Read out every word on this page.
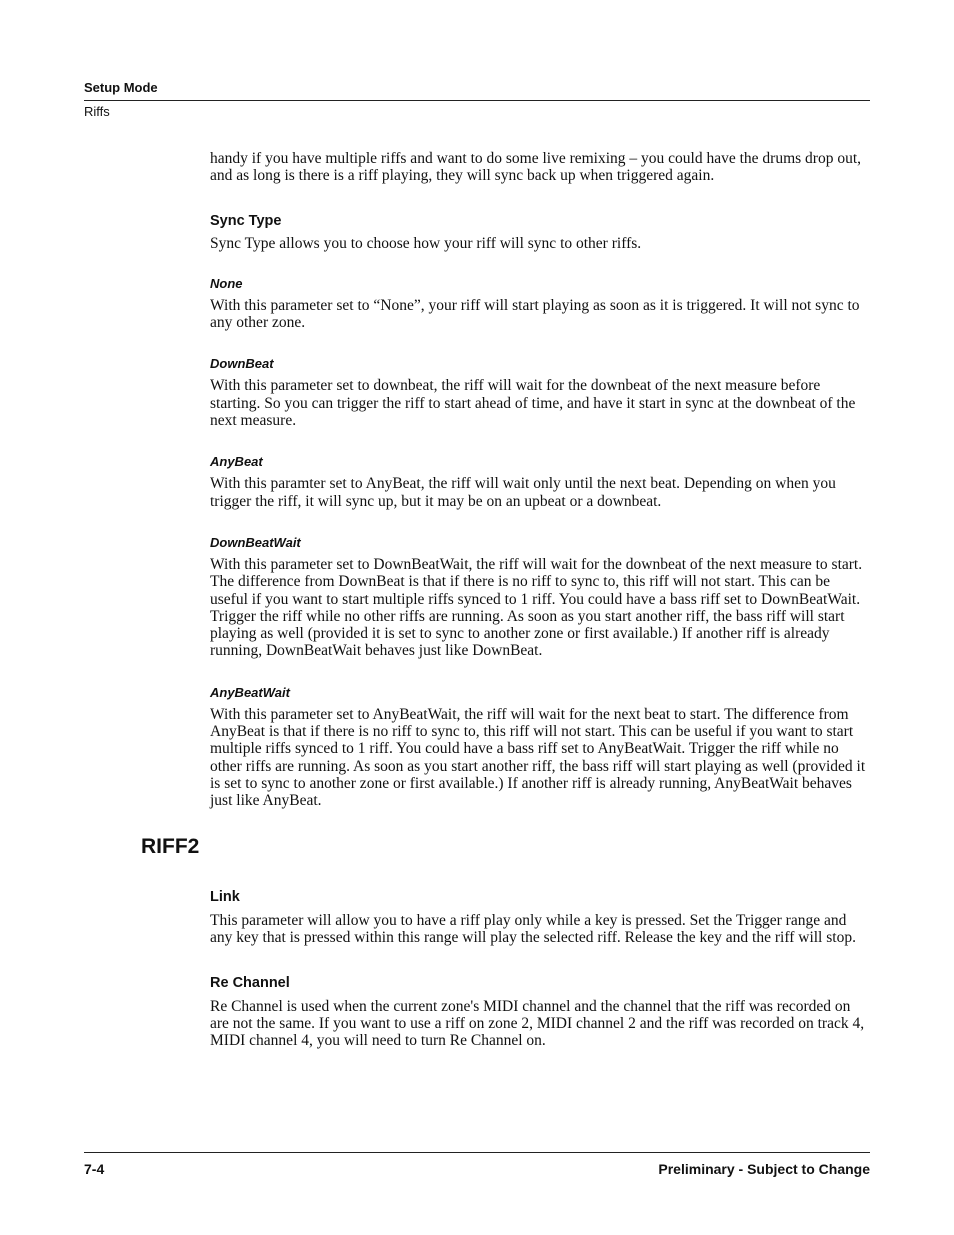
Setup Mode
Riffs

handy if you have multiple riffs and want to do some live remixing – you could have the drums drop out, and as long is there is a riff playing, they will sync back up when triggered again.

Sync Type

Sync Type allows you to choose how your riff will sync to other riffs.

None

With this parameter set to “None”, your riff will start playing as soon as it is triggered. It will not sync to any other zone.

DownBeat

With this parameter set to downbeat, the riff will wait for the downbeat of the next measure before starting. So you can trigger the riff to start ahead of time, and have it start in sync at the downbeat of the next measure.

AnyBeat

With this paramter set to AnyBeat, the riff will wait only until the next beat. Depending on when you trigger the riff, it will sync up, but it may be on an upbeat or a downbeat.

DownBeatWait

With this parameter set to DownBeatWait, the riff will wait for the downbeat of the next measure to start. The difference from DownBeat is that if there is no riff to sync to, this riff will not start. This can be useful if you want to start multiple riffs synced to 1 riff. You could have a bass riff set to DownBeatWait. Trigger the riff while no other riffs are running. As soon as you start another riff, the bass riff will start playing as well (provided it is set to sync to another zone or first available.) If another riff is already running, DownBeatWait behaves just like DownBeat.

AnyBeatWait

With this parameter set to AnyBeatWait, the riff will wait for the next beat to start. The difference from AnyBeat is that if there is no riff to sync to, this riff will not start. This can be useful if you want to start multiple riffs synced to 1 riff. You could have a bass riff set to AnyBeatWait. Trigger the riff while no other riffs are running. As soon as you start another riff, the bass riff will start playing as well (provided it is set to sync to another zone or first available.) If another riff is already running, AnyBeatWait behaves just like AnyBeat.

RIFF2
Link

This parameter will allow you to have a riff play only while a key is pressed. Set the Trigger range and any key that is pressed within this range will play the selected riff. Release the key and the riff will stop.

Re Channel

Re Channel is used when the current zone's MIDI channel and the channel that the riff was recorded on are not the same. If you want to use a riff on zone 2, MIDI channel 2 and the riff was recorded on track 4, MIDI channel 4, you will need to turn Re Channel on.

7-4	Preliminary - Subject to Change
